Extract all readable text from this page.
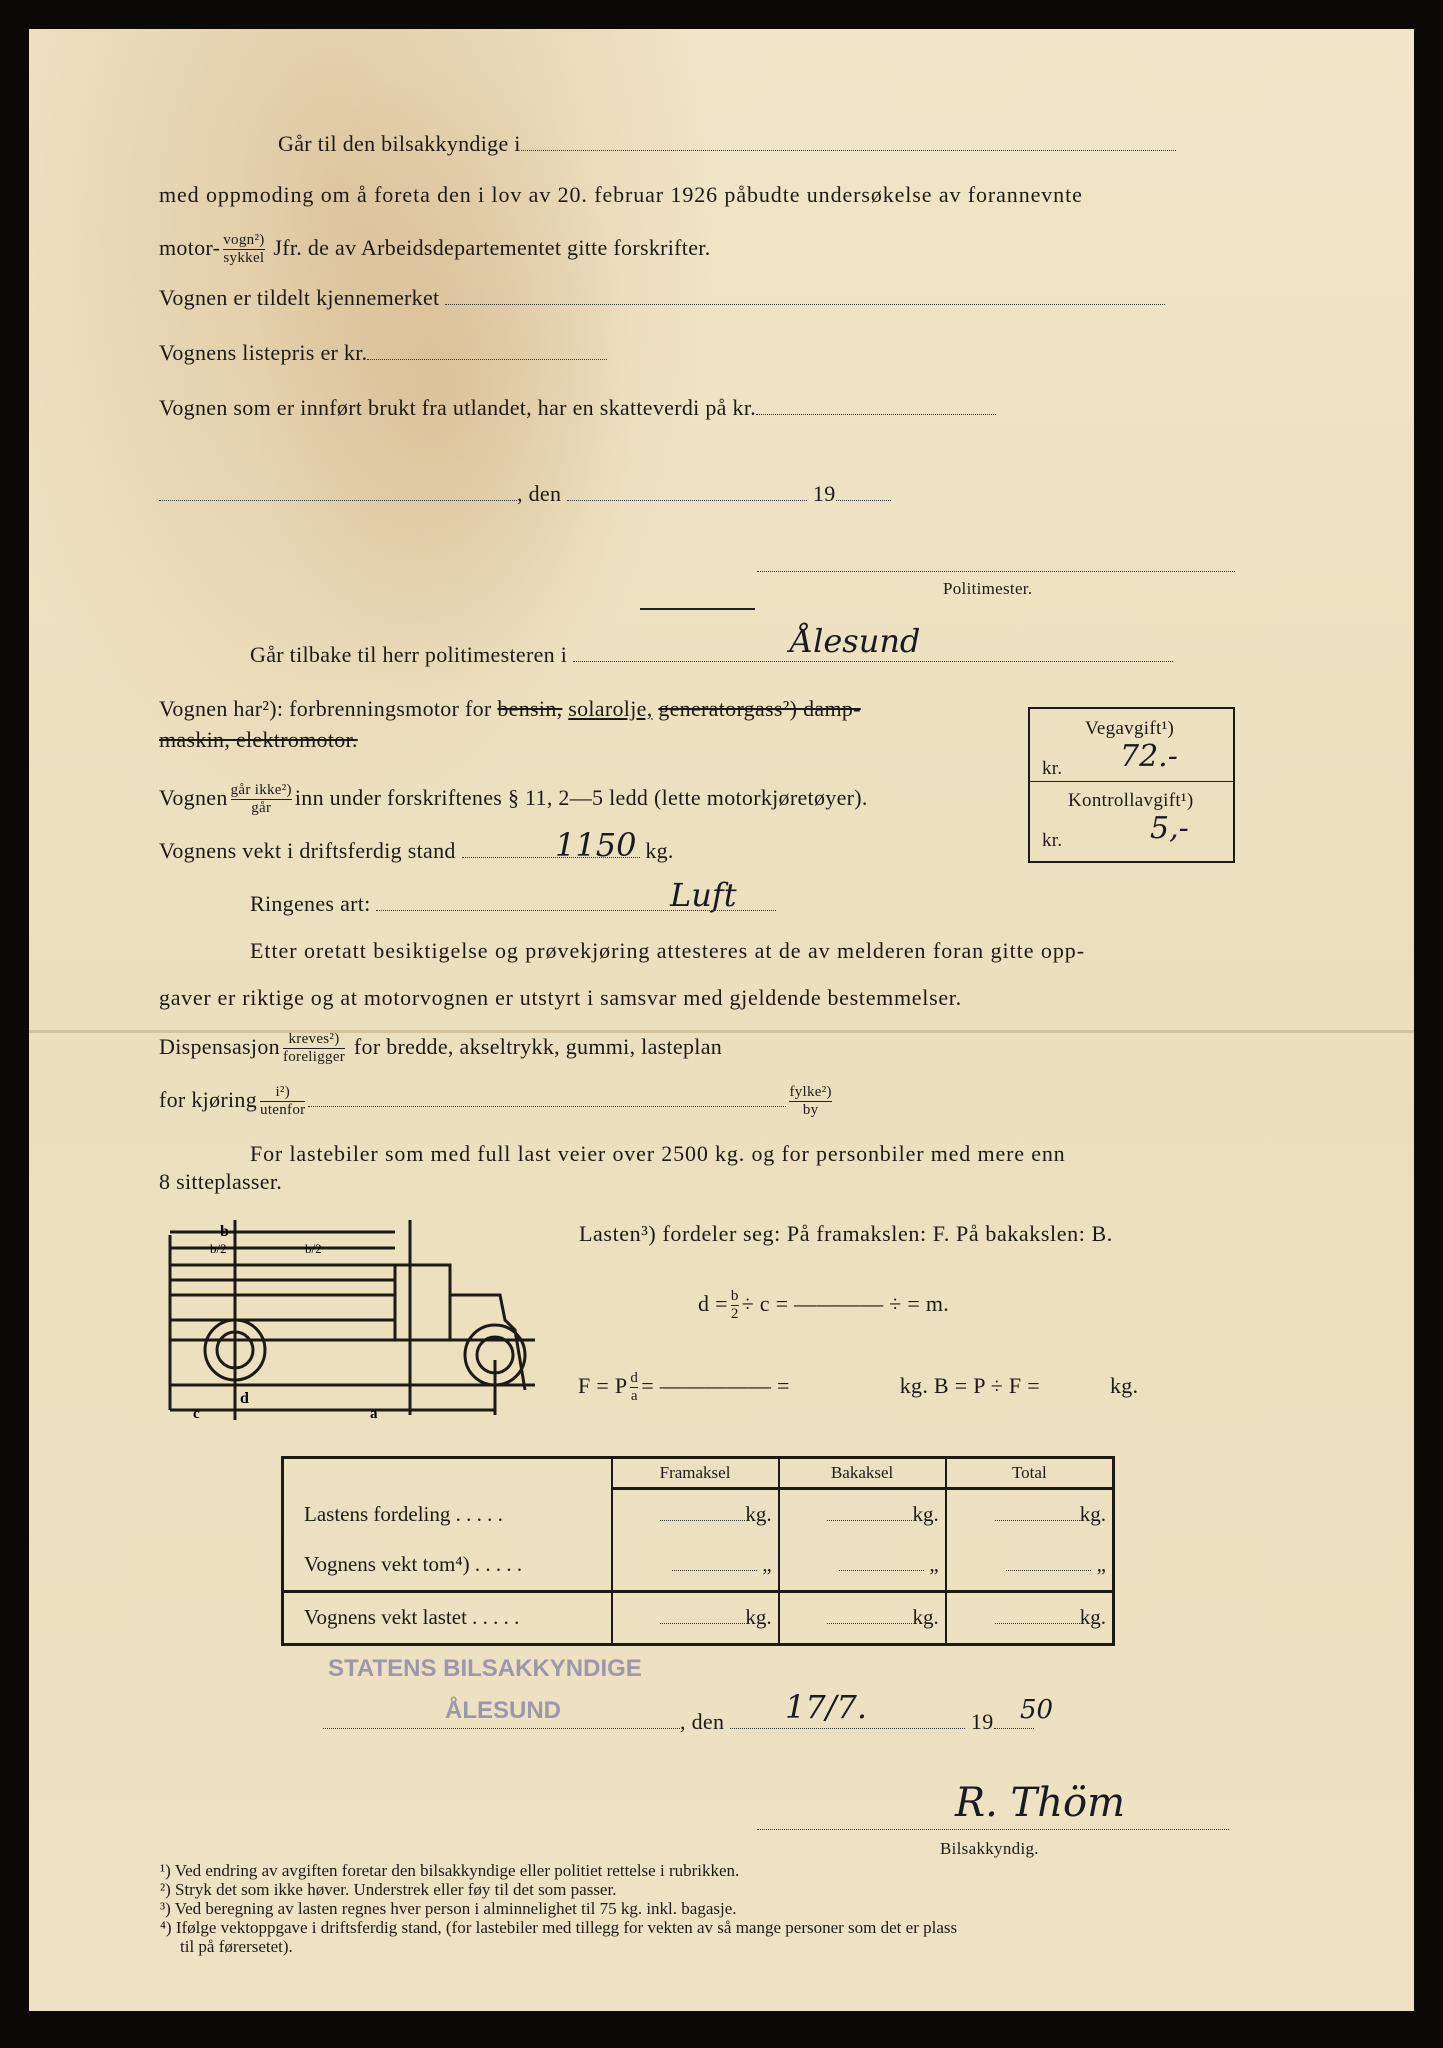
Går til den bilsakkyndige i
med oppmoding om å foreta den i lov av 20. februar 1926 påbudte undersøkelse av forannevnte
motor- $\frac{\text{vogn²)}}{\text{sykkel}}$ Jfr. de av Arbeidsdepartementet gitte forskrifter.
Vognen er tildelt kjennemerket
Vognens listepris er kr.
Vognen som er innført brukt fra utlandet, har en skatteverdi på kr.
, den	19
Politimester.
Går tilbake til herr politimesteren i	Ålesund
Vognen har²): forbrenningsmotor for bensin, solarolje, generatorgass²) damp-
maskin, elektromotor.
Vognen $\frac{\text{går ikke²)}}{\text{går}}$ inn under forskriftenes § 11, 2—5 ledd (lette motorkjøretøyer).
Vognens vekt i driftsferdig stand	kg.
1150
Ringenes art:	Luft
Etter oretatt besiktigelse og prøvekjøring attesteres at de av melderen foran gitte opp-
gaver er riktige og at motorvognen er utstyrt i samsvar med gjeldende bestemmelser.
Dispensasjon $\frac{\text{kreves²)}}{\text{foreligger}}$ for bredde, akseltrykk, gummi, lasteplan
for kjøring $\frac{\text{i²)}}{\text{utenfor}}$	$\frac{\text{fylke²)}}{by}$
For lastebiler som med full last veier over 2500 kg. og for personbiler med mere enn
8 sitteplasser.
Vegavgift¹)
kr. 72.-
Kontrollavgift¹)
kr.	5,-
b
b/2	b/2
d
c	a
Lasten³) fordeler seg: På framakslen: F. På bakakslen: B.
$d = \frac{b}{2} \div c$ = ———— ÷ = m.
F = P $\frac{d}{a}$ = ————— =	kg. B = P ÷ F =	kg.
	Framaksel	Bakaksel	Total
Lastens fordeling . . . . .	kg.	kg.	kg.
Vognens vekt tom⁴) . . . . .	„	„	„
Vognens vekt lastet . . . . .	kg.	kg.	kg.
STATENS BILSAKKYNDIGE
ÅLESUND	, den	19
17/7.	50
R. Thöm
Bilsakkyndig.
¹) Ved endring av avgiften foretar den bilsakkyndige eller politiet rettelse i rubrikken.
²) Stryk det som ikke høver. Understrek eller føy til det som passer.
³) Ved beregning av lasten regnes hver person i alminnelighet til 75 kg. inkl. bagasje.
⁴) Ifølge vektoppgave i driftsferdig stand, (for lastebiler med tillegg for vekten av så mange personer som det er plass
til på førersetet).
